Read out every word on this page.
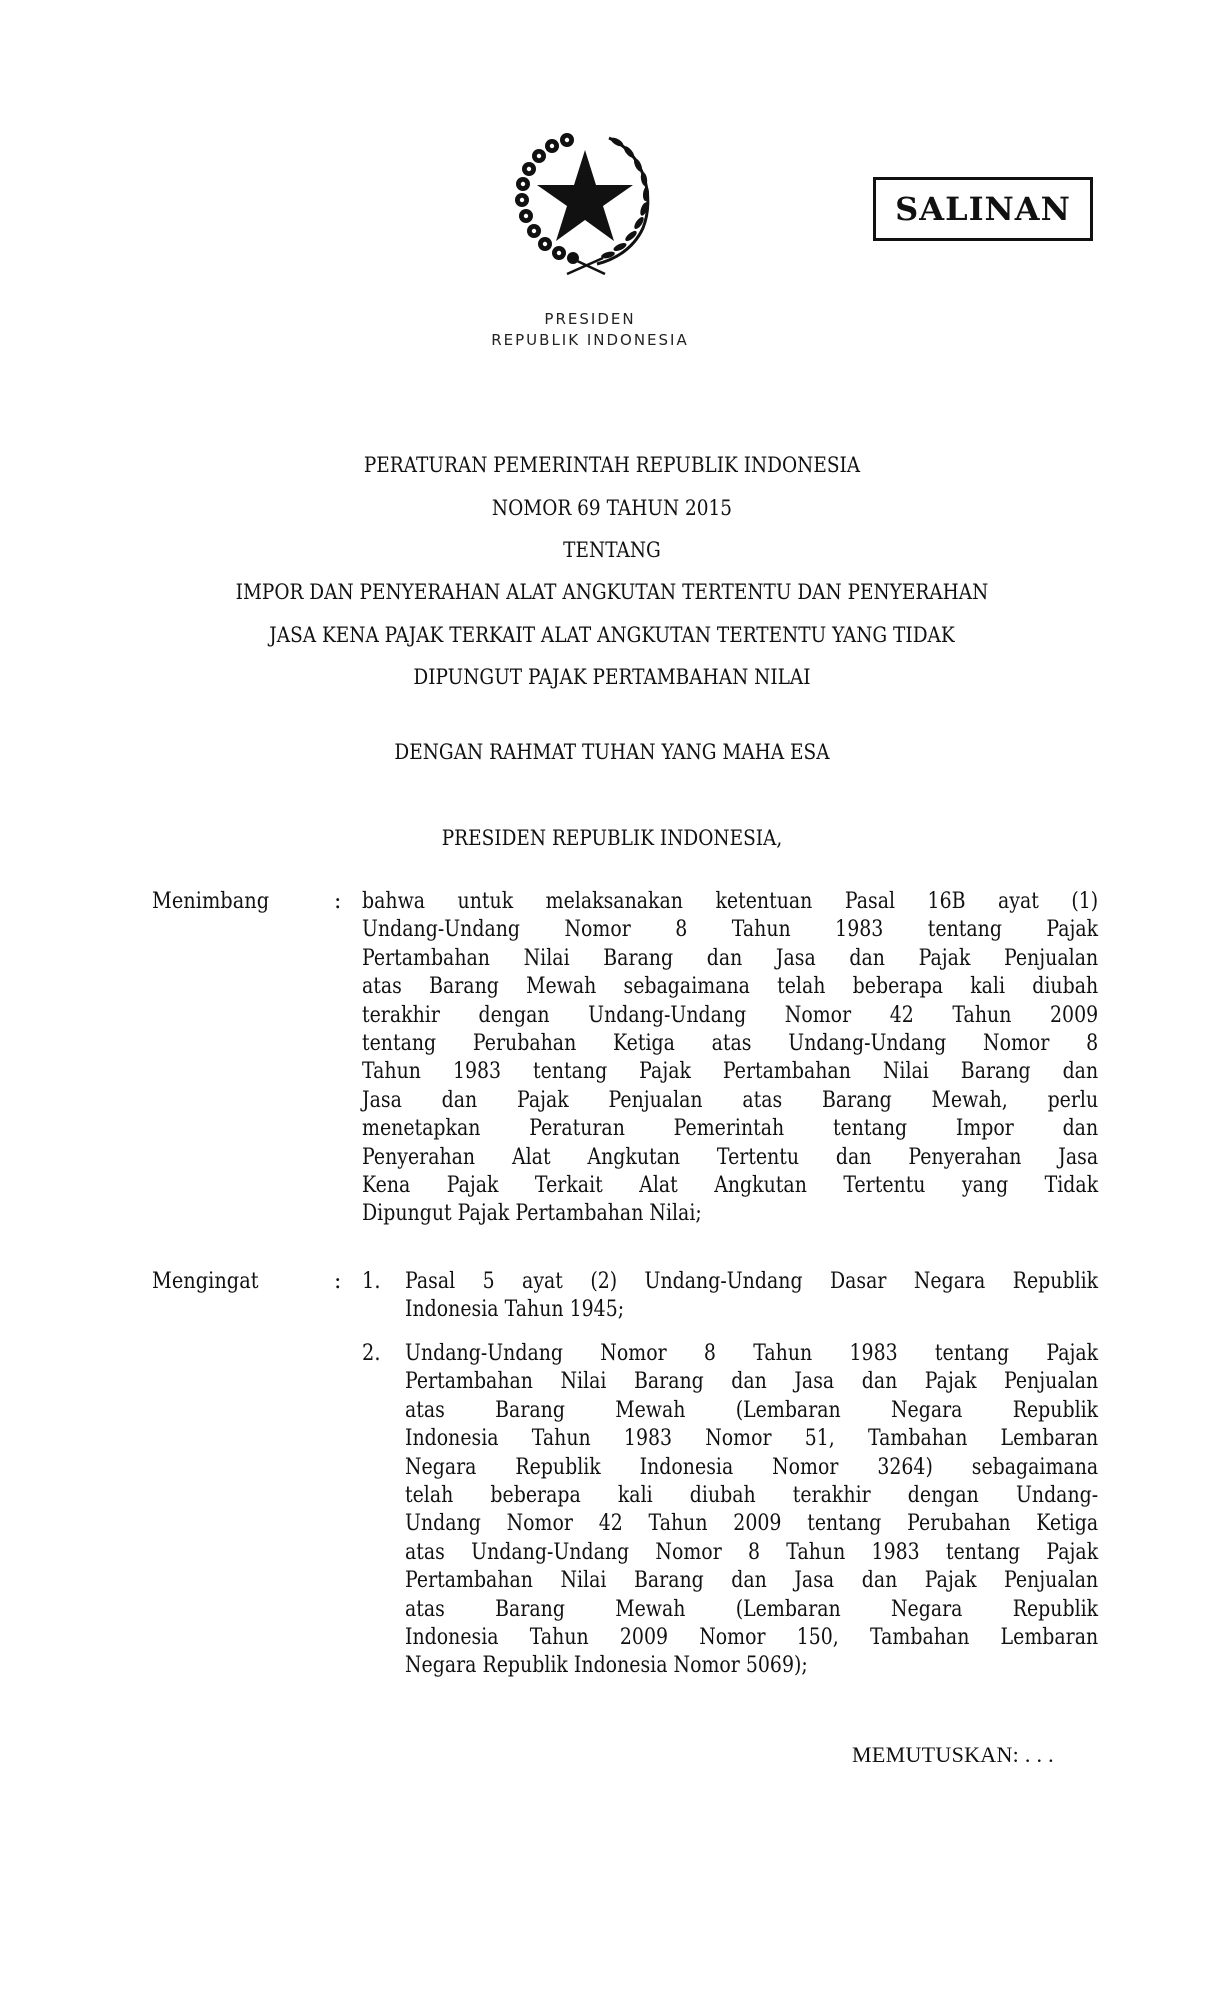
PRESIDEN
REPUBLIK INDONESIA
SALINAN
PERATURAN PEMERINTAH REPUBLIK INDONESIA
NOMOR 69 TAHUN 2015
TENTANG
IMPOR DAN PENYERAHAN ALAT ANGKUTAN TERTENTU DAN PENYERAHAN
JASA KENA PAJAK TERKAIT ALAT ANGKUTAN TERTENTU YANG TIDAK
DIPUNGUT PAJAK PERTAMBAHAN NILAI
DENGAN RAHMAT TUHAN YANG MAHA ESA
PRESIDEN REPUBLIK INDONESIA,
Menimbang	: bahwa untuk melaksanakan ketentuan Pasal 16B ayat (1)
Undang-Undang Nomor 8 Tahun 1983 tentang Pajak
Pertambahan Nilai Barang dan Jasa dan Pajak Penjualan
atas Barang Mewah sebagaimana telah beberapa kali diubah
terakhir dengan Undang-Undang Nomor 42 Tahun 2009
tentang Perubahan Ketiga atas Undang-Undang Nomor 8
Tahun 1983 tentang Pajak Pertambahan Nilai Barang dan
Jasa dan Pajak Penjualan atas Barang Mewah, perlu
menetapkan Peraturan Pemerintah tentang Impor dan
Penyerahan Alat Angkutan Tertentu dan Penyerahan Jasa
Kena Pajak Terkait Alat Angkutan Tertentu yang Tidak
Dipungut Pajak Pertambahan Nilai;
Mengingat	: 1. Pasal 5 ayat (2) Undang-Undang Dasar Negara Republik
Indonesia Tahun 1945;
2. Undang-Undang Nomor 8 Tahun 1983 tentang Pajak
Pertambahan Nilai Barang dan Jasa dan Pajak Penjualan
atas Barang Mewah (Lembaran Negara Republik
Indonesia Tahun 1983 Nomor 51, Tambahan Lembaran
Negara Republik Indonesia Nomor 3264) sebagaimana
telah beberapa kali diubah terakhir dengan Undang-
Undang Nomor 42 Tahun 2009 tentang Perubahan Ketiga
atas Undang-Undang Nomor 8 Tahun 1983 tentang Pajak
Pertambahan Nilai Barang dan Jasa dan Pajak Penjualan
atas Barang Mewah (Lembaran Negara Republik
Indonesia Tahun 2009 Nomor 150, Tambahan Lembaran
Negara Republik Indonesia Nomor 5069);
MEMUTUSKAN: . . .
